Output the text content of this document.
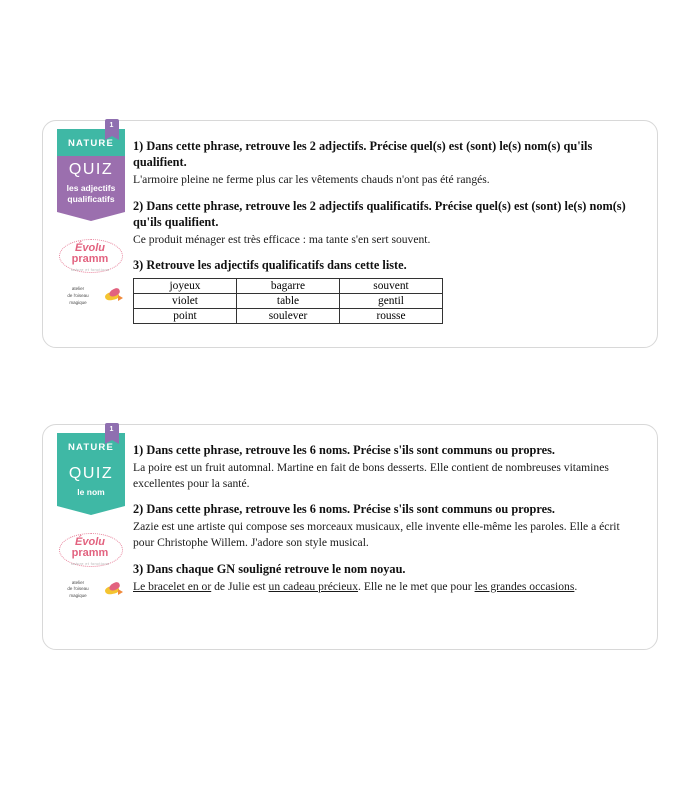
NATURE
1
QUIZ
les adjectifs qualificatifs
Évolu
pramm
nature et fonctions
atelier
de l'oiseau
magique

1) Dans cette phrase, retrouve les 2 adjectifs. Précise quel(s) est (sont) le(s) nom(s) qu'ils qualifient.

L'armoire pleine ne ferme plus car les vêtements chauds n'ont pas été rangés.

2) Dans cette phrase, retrouve les 2 adjectifs qualificatifs. Précise quel(s) est (sont) le(s) nom(s) qu'ils qualifient.

Ce produit ménager est très efficace : ma tante s'en sert souvent.

3) Retrouve les adjectifs qualificatifs dans cette liste.

joyeux	bagarre	souvent
violet	table	gentil
point	soulever	rousse
NATURE
1
QUIZ
le nom
Évolu
pramm
nature et fonctions
atelier
de l'oiseau
magique

1) Dans cette phrase, retrouve les 6 noms. Précise s'ils sont communs ou propres.

La poire est un fruit automnal. Martine en fait de bons desserts. Elle contient de nombreuses vitamines excellentes pour la santé.

2) Dans cette phrase, retrouve les 6 noms. Précise s'ils sont communs ou propres.

Zazie est une artiste qui compose ses morceaux musicaux, elle invente elle-même les paroles. Elle a écrit pour Christophe Willem. J'adore son style musical.

3) Dans chaque GN souligné retrouve le nom noyau.

Le bracelet en or de Julie est un cadeau précieux. Elle ne le met que pour les grandes occasions.
